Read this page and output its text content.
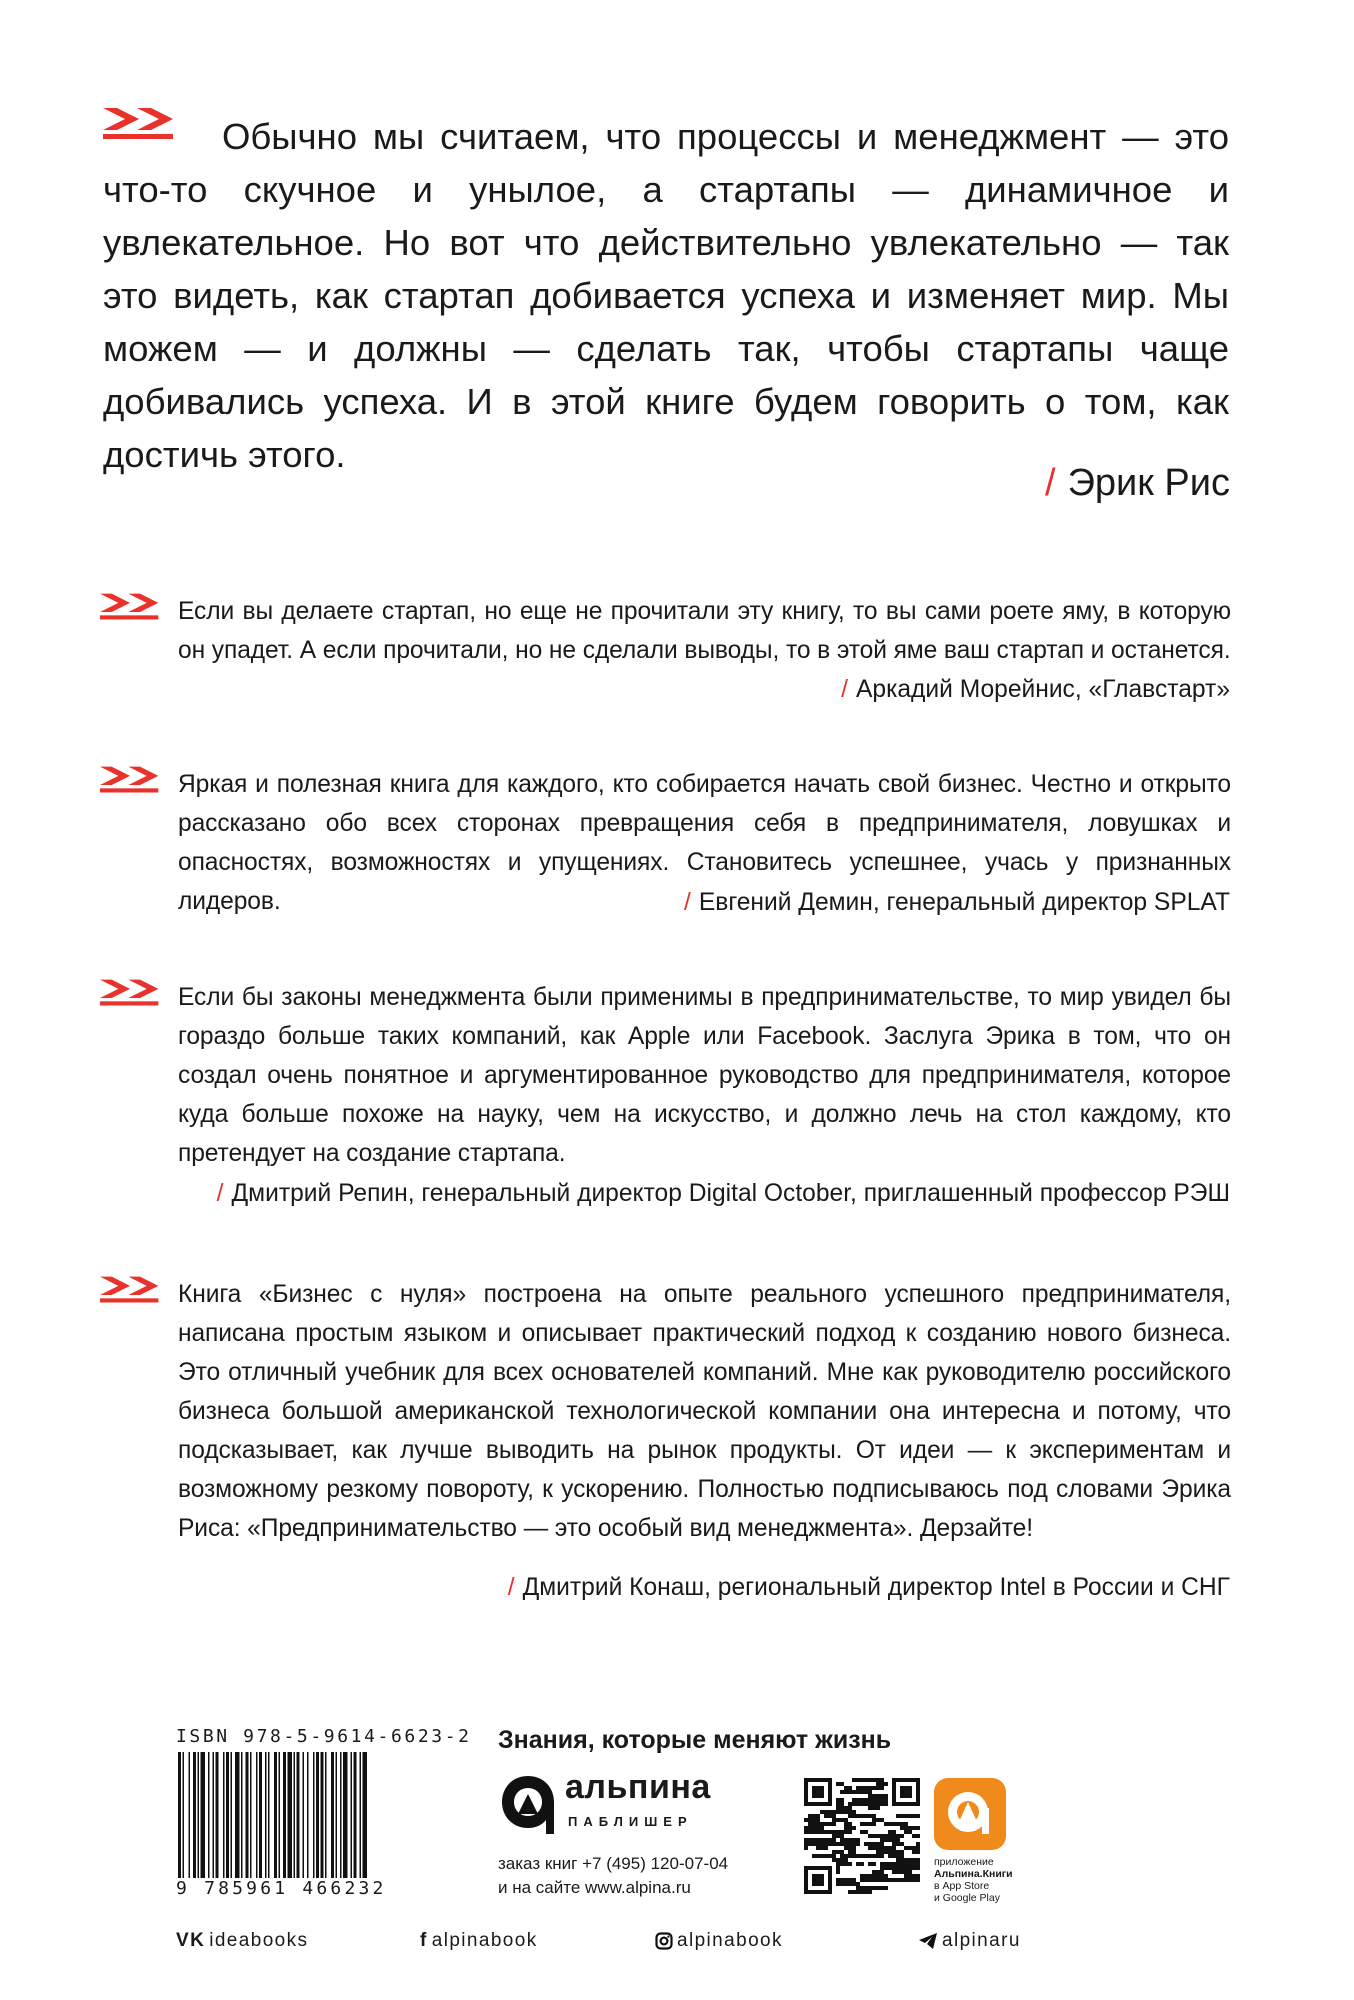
Обычно мы считаем, что процессы и менеджмент — это что-то скучное и унылое, а стартапы — динамичное и увлекательное. Но вот что действительно увлекательно — так это видеть, как стартап добивается успеха и изменяет мир. Мы можем — и должны — сделать так, чтобы стартапы чаще добивались успеха. И в этой книге будем говорить о том, как достичь этого.
/ Эрик Рис
Если вы делаете стартап, но еще не прочитали эту книгу, то вы сами роете яму, в которую он упадет. А если прочитали, но не сделали выводы, то в этой яме ваш стартап и останется.
/ Аркадий Морейнис, «Главстарт»
Яркая и полезная книга для каждого, кто собирается начать свой бизнес. Честно и открыто рассказано обо всех сторонах превращения себя в предпринимателя, ловушках и опасностях, возможностях и упущениях. Становитесь успешнее, учась у признанных лидеров.	/ Евгений Демин, генеральный директор SPLAT
Если бы законы менеджмента были применимы в предпринимательстве, то мир увидел бы гораздо больше таких компаний, как Apple или Facebook. Заслуга Эрика в том, что он создал очень понятное и аргументированное руководство для предпринимателя, которое куда больше похоже на науку, чем на искусство, и должно лечь на стол каждому, кто претендует на создание стартапа.
/ Дмитрий Репин, генеральный директор Digital October, приглашенный профессор РЭШ
Книга «Бизнес с нуля» построена на опыте реального успешного предпринимателя, написана простым языком и описывает практический подход к созданию нового бизнеса. Это отличный учебник для всех основателей компаний. Мне как руководителю российского бизнеса большой американской технологической компании она интересна и потому, что подсказывает, как лучше выводить на рынок продукты. От идеи — к экспериментам и возможному резкому повороту, к ускорению. Полностью подписываюсь под словами Эрика Риса: «Предпринимательство — это особый вид менеджмента». Дерзайте!
/ Дмитрий Конаш, региональный директор Intel в России и СНГ
ISBN 978-5-9614-6623-2
9 785961 466232
Знания, которые меняют жизнь
альпина
ПАБЛИШЕР
заказ книг +7 (495) 120-07-04
и на сайте www.alpina.ru
приложение
Альпина.Книги
в App Store
и Google Play
VK ideabooks	f alpinabook	alpinabook	alpinaru
